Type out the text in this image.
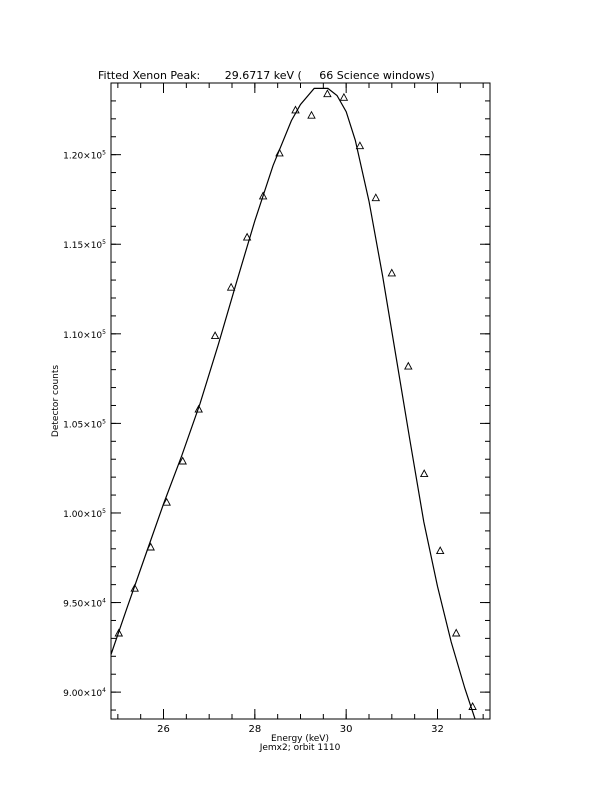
Fitted Xenon Peak:       29.6717 keV (     66 Science windows)
$9.00\times 10^4$
$9.50\times 10^4$
$1.00\times 10^5$
$1.05\times 10^5$
$1.10\times 10^5$
$1.15\times 10^5$
$1.20\times 10^5$
26	28	30	32
Energy (keV)
Jemx2; orbit 1110
Detector counts
